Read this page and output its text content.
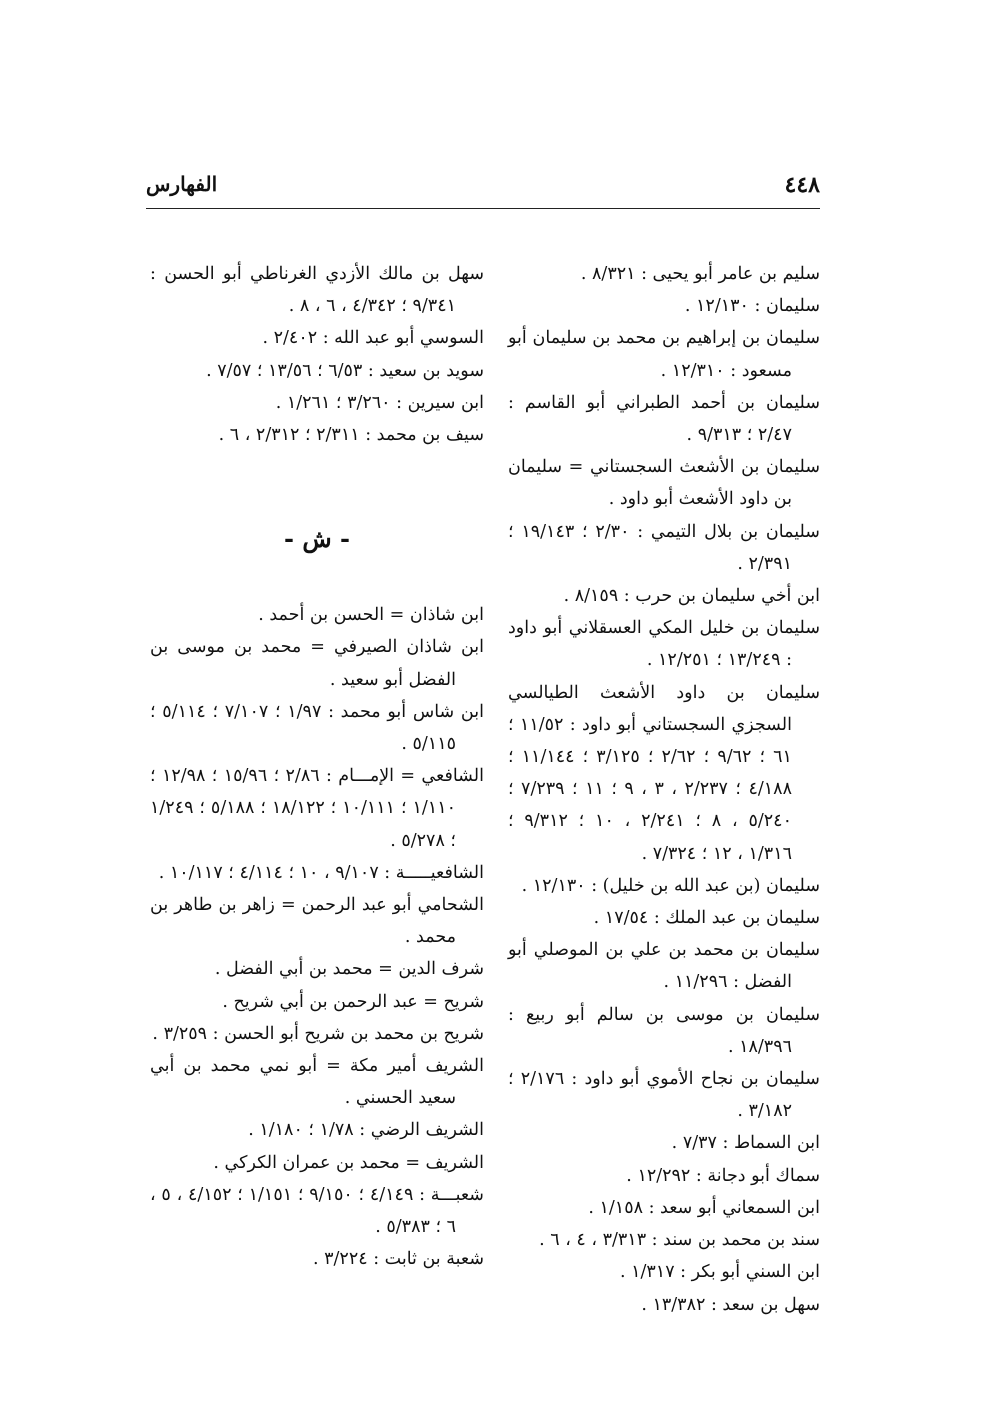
٤٤٨
الفهارس

سليم بن عامر أبو يحيى : ٨/٣٢١ .

سليمان : ١٢/١٣٠ .

سليمان بن إبراهيم بن محمد بن سليمان أبو مسعود : ١٢/٣١٠ .

سليمان بن أحمد الطبراني أبو القاسم : ٢/٤٧ ؛ ٩/٣١٣ .

سليمان بن الأشعث السجستاني = سليمان بن داود الأشعث أبو داود .

سليمان بن بلال التيمي : ٢/٣٠ ؛ ١٩/١٤٣ ؛ ٢/٣٩١ .

ابن أخي سليمان بن حرب : ٨/١٥٩ .

سليمان بن خليل المكي العسقلاني أبو داود : ١٣/٢٤٩ ؛ ١٢/٢٥١ .

سليمان بن داود الأشعث الطيالسي السجزي السجستاني أبو داود : ١١/٥٢ ؛ ٦١ ؛ ٩/٦٢ ؛ ٢/٦٢ ؛ ٣/١٢٥ ؛ ١١/١٤٤ ؛ ٤/١٨٨ ؛ ٢/٢٣٧ ، ٣ ، ٩ ؛ ١١ ؛ ٧/٢٣٩ ؛ ٥/٢٤٠ ، ٨ ؛ ٢/٢٤١ ، ١٠ ؛ ٩/٣١٢ ؛ ١/٣١٦ ، ١٢ ؛ ٧/٣٢٤ .

سليمان (بن عبد الله بن خليل) : ١٢/١٣٠ .

سليمان بن عبد الملك : ١٧/٥٤ .

سليمان بن محمد بن علي بن الموصلي أبو الفضل : ١١/٢٩٦ .

سليمان بن موسى بن سالم أبو ربيع : ١٨/٣٩٦ .

سليمان بن نجاح الأموي أبو داود : ٢/١٧٦ ؛ ٣/١٨٢ .

ابن السماط : ٧/٣٧ .

سماك أبو دجانة : ١٢/٢٩٢ .

ابن السمعاني أبو سعد : ١/١٥٨ .

سند بن محمد بن سند : ٣/٣١٣ ، ٤ ، ٦ .

ابن السني أبو بكر : ١/٣١٧ .

سهل بن سعد : ١٣/٣٨٢ .

سهل بن مالك الأزدي الغرناطي أبو الحسن : ٩/٣٤١ ؛ ٤/٣٤٢ ، ٦ ، ٨ .

السوسي أبو عبد الله : ٢/٤٠٢ .

سويد بن سعيد : ٦/٥٣ ؛ ١٣/٥٦ ؛ ٧/٥٧ .

ابن سيرين : ٣/٢٦٠ ؛ ١/٢٦١ .

سيف بن محمد : ٢/٣١١ ؛ ٢/٣١٢ ، ٦ .

- ش -

ابن شاذان = الحسن بن أحمد .

ابن شاذان الصيرفي = محمد بن موسى بن الفضل أبو سعيد .

ابن شاس أبو محمد : ١/٩٧ ؛ ٧/١٠٧ ؛ ٥/١١٤ ؛ ٥/١١٥ .

الشافعي = الإمـــام : ٢/٨٦ ؛ ١٥/٩٦ ؛ ١٢/٩٨ ؛ ١/١١٠ ؛ ١٠/١١١ ؛ ١٨/١٢٢ ؛ ٥/١٨٨ ؛ ١/٢٤٩ ؛ ٥/٢٧٨ .

الشافعيـــــة : ٩/١٠٧ ، ١٠ ؛ ٤/١١٤ ؛ ١٠/١١٧ .

الشحامي أبو عبد الرحمن = زاهر بن طاهر بن محمد .

شرف الدين = محمد بن أبي الفضل .

شريح = عبد الرحمن بن أبي شريح .

شريح بن محمد بن شريح أبو الحسن : ٣/٢٥٩ .

الشريف أمير مكة = أبو نمي محمد بن أبي سعيد الحسني .

الشريف الرضي : ١/٧٨ ؛ ١/١٨٠ .

الشريف = محمد بن عمران الكركي .

شعبـــة : ٤/١٤٩ ؛ ٩/١٥٠ ؛ ١/١٥١ ؛ ٤/١٥٢ ، ٥ ، ٦ ؛ ٥/٣٨٣ .

شعبة بن ثابت : ٣/٢٢٤ .
